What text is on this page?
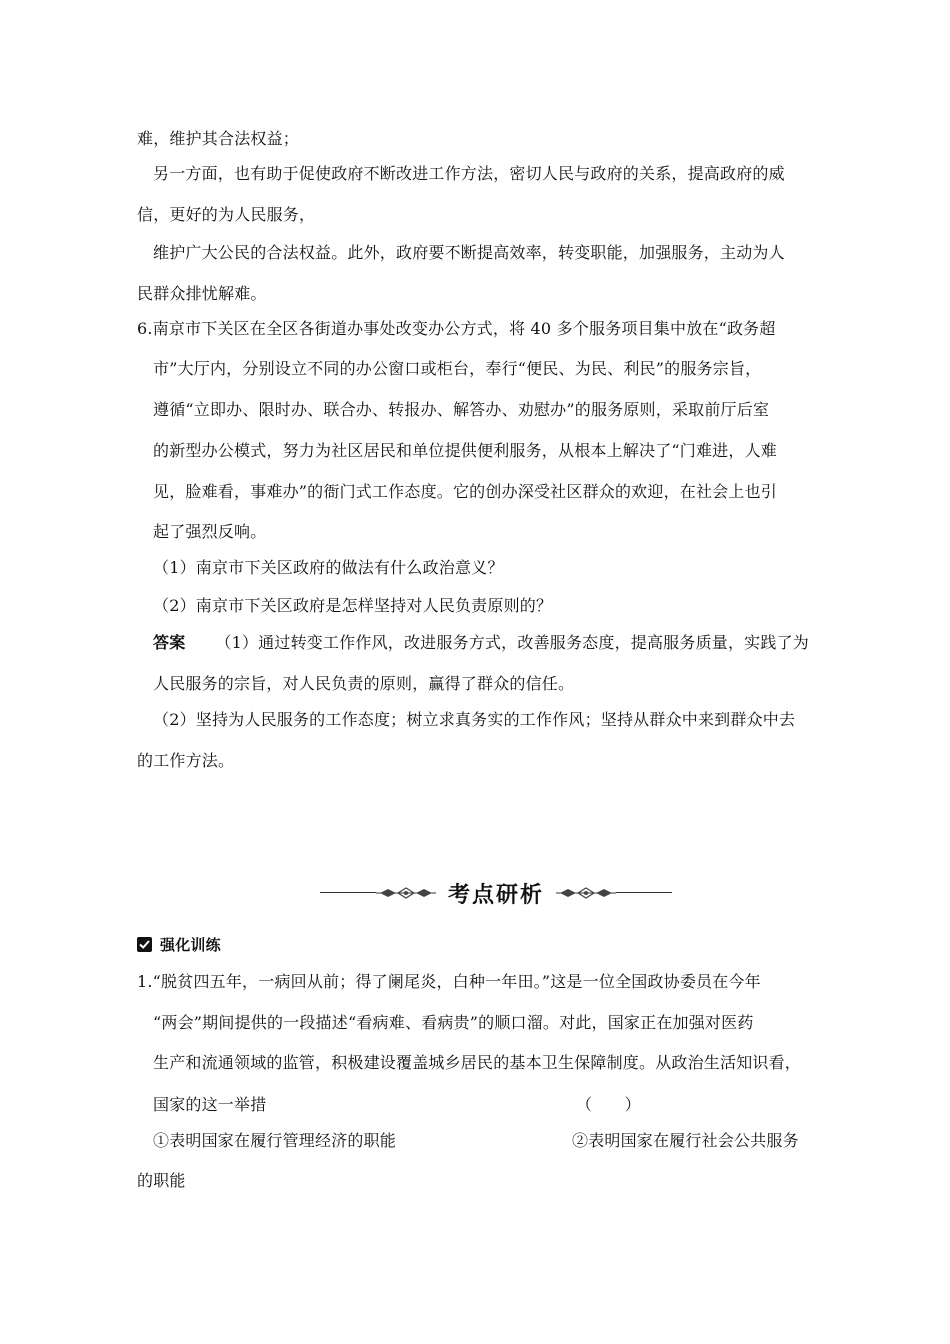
难，维护其合法权益；
另一方面，也有助于促使政府不断改进工作方法，密切人民与政府的关系，提高政府的威
信，更好的为人民服务，
维护广大公民的合法权益。此外，政府要不断提高效率，转变职能，加强服务，主动为人
民群众排忧解难。
6.南京市下关区在全区各街道办事处改变办公方式，将 40 多个服务项目集中放在“政务超
市”大厅内，分别设立不同的办公窗口或柜台，奉行“便民、为民、利民”的服务宗旨，
遵循“立即办、限时办、联合办、转报办、解答办、劝慰办”的服务原则，采取前厅后室
的新型办公模式，努力为社区居民和单位提供便利服务，从根本上解决了“门难进，人难
见，脸难看，事难办”的衙门式工作态度。它的创办深受社区群众的欢迎，在社会上也引
起了强烈反响。
（1）南京市下关区政府的做法有什么政治意义？
（2）南京市下关区政府是怎样坚持对人民负责原则的？
答案 （1）通过转变工作作风，改进服务方式，改善服务态度，提高服务质量，实践了为
人民服务的宗旨，对人民负责的原则，赢得了群众的信任。
（2）坚持为人民服务的工作态度；树立求真务实的工作作风；坚持从群众中来到群众中去
的工作方法。
考点研析
强化训练
1.“脱贫四五年，一病回从前；得了阑尾炎，白种一年田。”这是一位全国政协委员在今年
“两会”期间提供的一段描述“看病难、看病贵”的顺口溜。对此，国家正在加强对医药
生产和流通领域的监管，积极建设覆盖城乡居民的基本卫生保障制度。从政治生活知识看，
国家的这一举措	（　　）
①表明国家在履行管理经济的职能	②表明国家在履行社会公共服务
的职能
